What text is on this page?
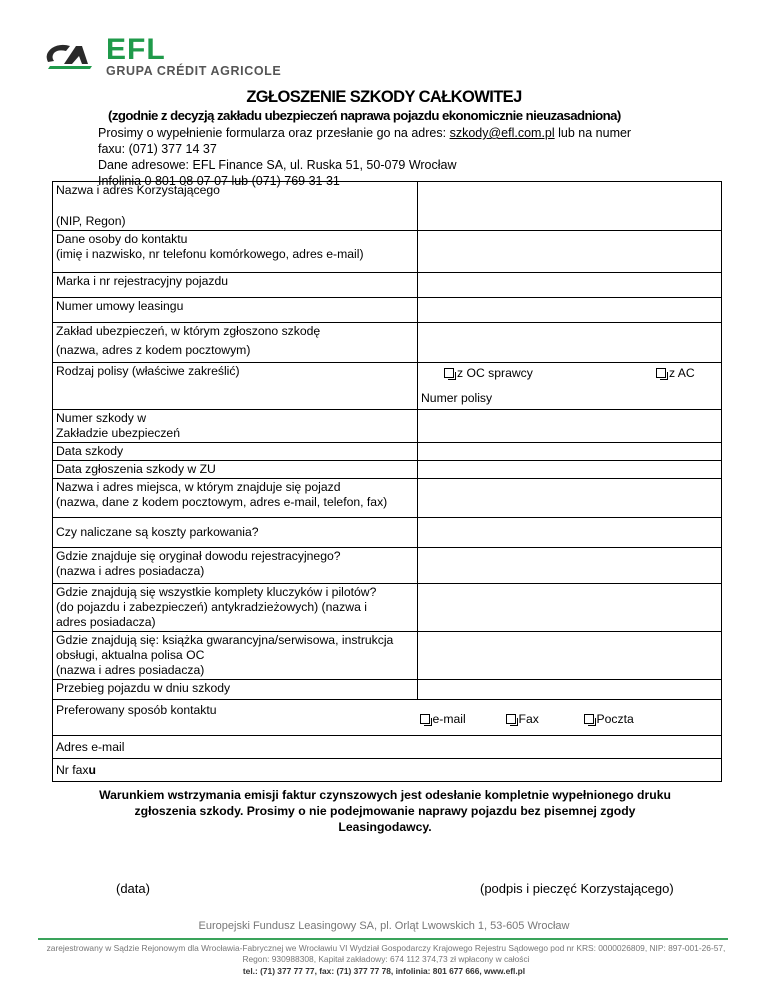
EFL
GRUPA CRÉDIT AGRICOLE
ZGŁOSZENIE SZKODY CAŁKOWITEJ
(zgodnie z decyzją zakładu ubezpieczeń naprawa pojazdu ekonomicznie nieuzasadniona)
Prosimy o wypełnienie formularza oraz przesłanie go na adres: szkody@efl.com.pl lub na numer
faxu: (071) 377 14 37
Dane adresowe: EFL Finance SA, ul. Ruska 51, 50-079 Wrocław
Infolinia 0 801 08 07 07 lub (071) 769 31 31
Nazwa i adres Korzystającego
(NIP, Regon)	

Dane osoby do kontaktu
(imię i nazwisko, nr telefonu komórkowego, adres e-mail)	

Marka i nr rejestracyjny pojazdu	
Numer umowy leasingu	

Zakład ubezpieczeń, w którym zgłoszono szkodę
(nazwa, adres z kodem pocztowym)	

Rodzaj polisy (właściwe zakreślić)	z OC sprawcy z AC
Numer polisy

Numer szkody w
Zakładzie ubezpieczeń	

Data szkody	
Data zgłoszenia szkody w ZU	

Nazwa i adres miejsca, w którym znajduje się pojazd
(nazwa, dane z kodem pocztowym, adres e-mail, telefon, fax)	

Czy naliczane są koszty parkowania?	

Gdzie znajduje się oryginał dowodu rejestracyjnego?
(nazwa i adres posiadacza)	

Gdzie znajdują się wszystkie komplety kluczyków i pilotów?
(do pojazdu i zabezpieczeń) antykradzieżowych) (nazwa i
adres posiadacza)	

Gdzie znajdują się: książka gwarancyjna/serwisowa, instrukcja
obsługi, aktualna polisa OC
(nazwa i adres posiadacza)	

Przebieg pojazdu w dniu szkody	

Preferowany sposób kontaktu	e-mail Fax Poczta

Adres e-mail	
Nr faxu	
Warunkiem wstrzymania emisji faktur czynszowych jest odesłanie kompletnie wypełnionego druku zgłoszenia szkody. Prosimy o nie podejmowanie naprawy pojazdu bez pisemnej zgody Leasingodawcy.
(data)	(podpis i pieczęć Korzystającego)
Europejski Fundusz Leasingowy SA, pl. Orląt Lwowskich 1, 53-605 Wrocław
zarejestrowany w Sądzie Rejonowym dla Wrocławia-Fabrycznej we Wrocławiu VI Wydział Gospodarczy Krajowego Rejestru Sądowego pod nr KRS: 0000026809, NIP: 897-001-26-57, Regon: 930988308, Kapitał zakładowy: 674 112 374,73 zł wpłacony w całości
tel.: (71) 377 77 77, fax: (71) 377 77 78, infolinia: 801 677 666, www.efl.pl
